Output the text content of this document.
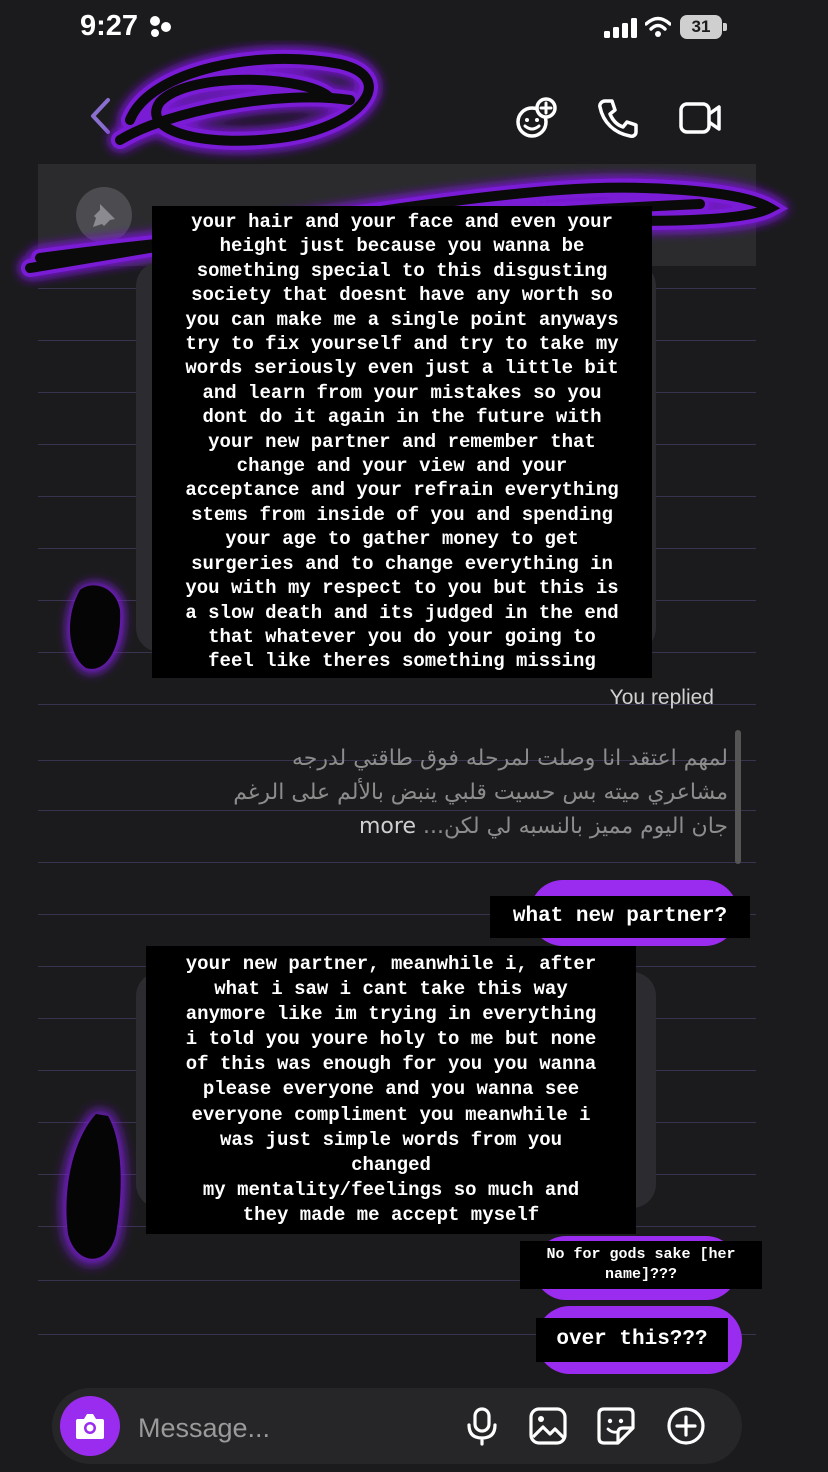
9:27	31
your hair and your face and even your
height just because you wanna be
something special to this disgusting
society that doesnt have any worth so
you can make me a single point anyways
try to fix yourself and try to take my
words seriously even just a little bit
and learn from your mistakes so you
dont do it again in the future with
your new partner and remember that
change and your view and your
acceptance and your refrain everything
stems from inside of you and spending
your age to gather money to get
surgeries and to change everything in
you with my respect to you but this is
a slow death and its judged in the end
that whatever you do your going to
feel like theres something missing
You replied
لمهم اعتقد انا وصلت لمرحله فوق طاقتي لدرجه مشاعري ميته بس حسيت قلبي ينبض بالألم على الرغم جان اليوم مميز بالنسبه لي لكن... more
what new partner?
your new partner, meanwhile i, after
what i saw i cant take this way
anymore like im trying in everything
i told you youre holy to me but none
of this was enough for you you wanna
please everyone and you wanna see
everyone compliment you meanwhile i
was just simple words from you
changed
my mentality/feelings so much and
they made me accept myself
No for gods sake [her
name]???
over this???
Message...
